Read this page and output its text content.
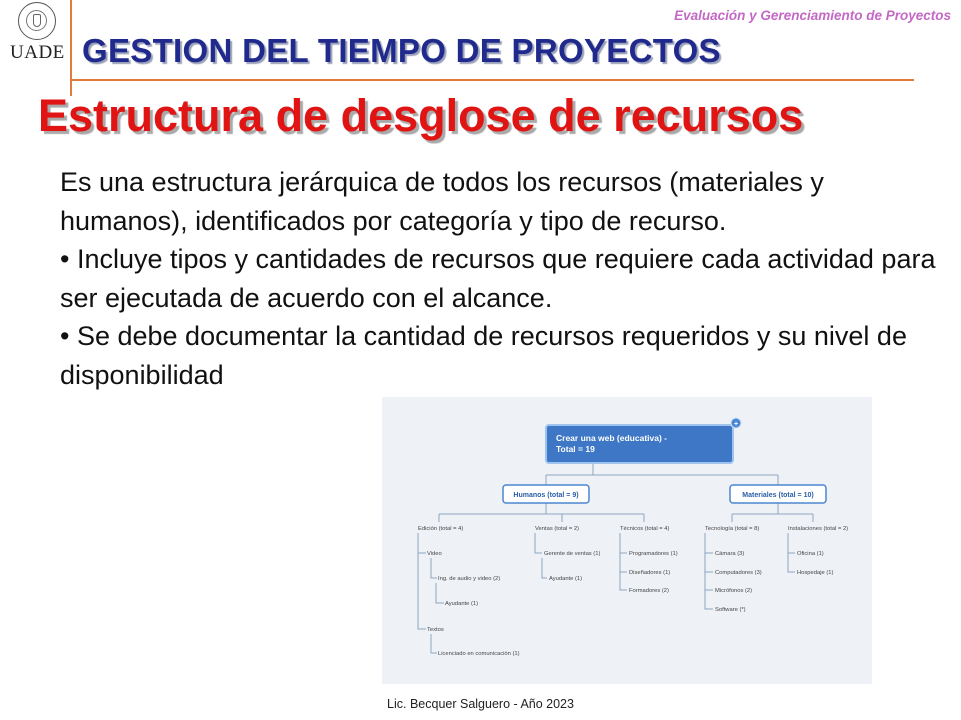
UADE
Evaluación y Gerenciamiento de Proyectos
GESTION DEL TIEMPO DE PROYECTOS
Estructura de desglose de recursos

Es una estructura jerárquica de todos los recursos (materiales y humanos), identificados por categoría y tipo de recurso.

• Incluye tipos y cantidades de recursos que requiere cada actividad para ser ejecutada de acuerdo con el alcance.

• Se debe documentar la cantidad de recursos requeridos y su nivel de disponibilidad

Crear una web (educativa) -
Total = 19
+
Humanos (total = 9)	Materiales (total = 10)
Edición (total = 4)
Video
Ing. de audio y video (2)
Ayudante (1)
Textos
Licenciado en comunicación (1)
Ventas (total = 2)
Gerente de ventas (1)
Ayudante (1)
Técnicos (total = 4)
Programadores (1)
Diseñadores (1)
Formadores (2)
Tecnología (total = 8)
Cámara (3)
Computadores (3)
Micrófonos (2)
Software (*)
Instalaciones (total = 2)
Oficina (1)
Hospedaje (1)
Lic. Becquer Salguero - Año 2023
